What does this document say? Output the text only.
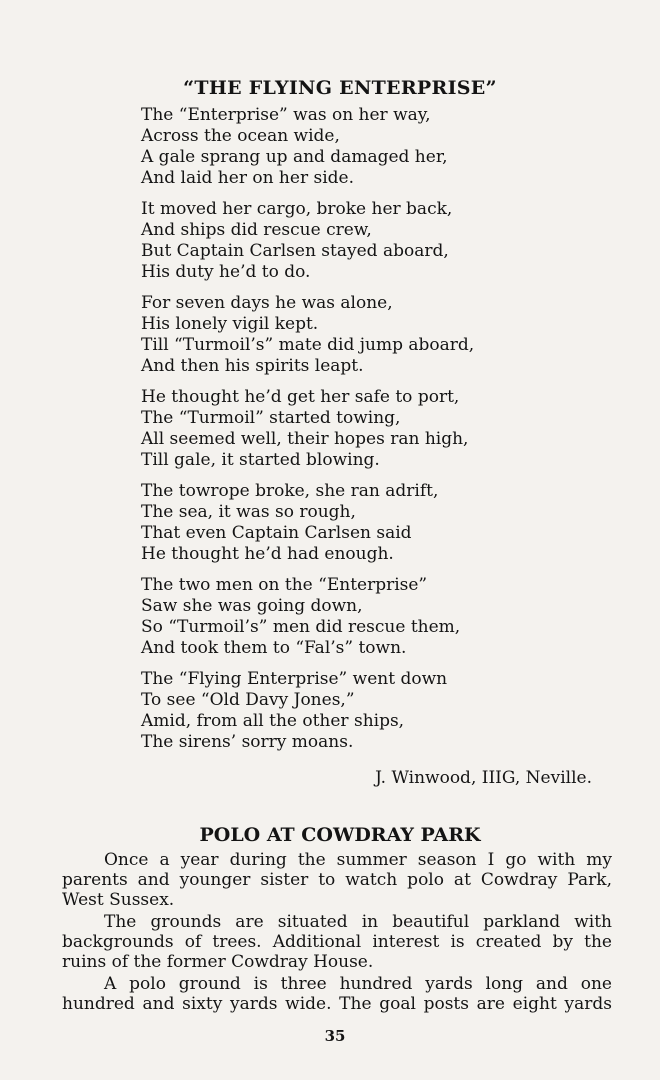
“THE FLYING ENTERPRISE”
The “Enterprise” was on her way,
Across the ocean wide,
A gale sprang up and damaged her,
And laid her on her side.
It moved her cargo, broke her back,
And ships did rescue crew,
But Captain Carlsen stayed aboard,
His duty he’d to do.
For seven days he was alone,
His lonely vigil kept.
Till “Turmoil’s” mate did jump aboard,
And then his spirits leapt.
He thought he’d get her safe to port,
The “Turmoil” started towing,
All seemed well, their hopes ran high,
Till gale, it started blowing.
The towrope broke, she ran adrift,
The sea, it was so rough,
That even Captain Carlsen said
He thought he’d had enough.
The two men on the “Enterprise”
Saw she was going down,
So “Turmoil’s” men did rescue them,
And took them to “Fal’s” town.
The “Flying Enterprise” went down
To see “Old Davy Jones,”
Amid, from all the other ships,
The sirens’ sorry moans.

J. Winwood, IIIG, Neville.

POLO AT COWDRAY PARK

Once a year during the summer season I go with my parents and younger sister to watch polo at Cowdray Park, West Sussex.

The grounds are situated in beautiful parkland with backgrounds of trees. Additional interest is created by the ruins of the former Cowdray House.

A polo ground is three hundred yards long and one hundred and sixty yards wide. The goal posts are eight yards

35
